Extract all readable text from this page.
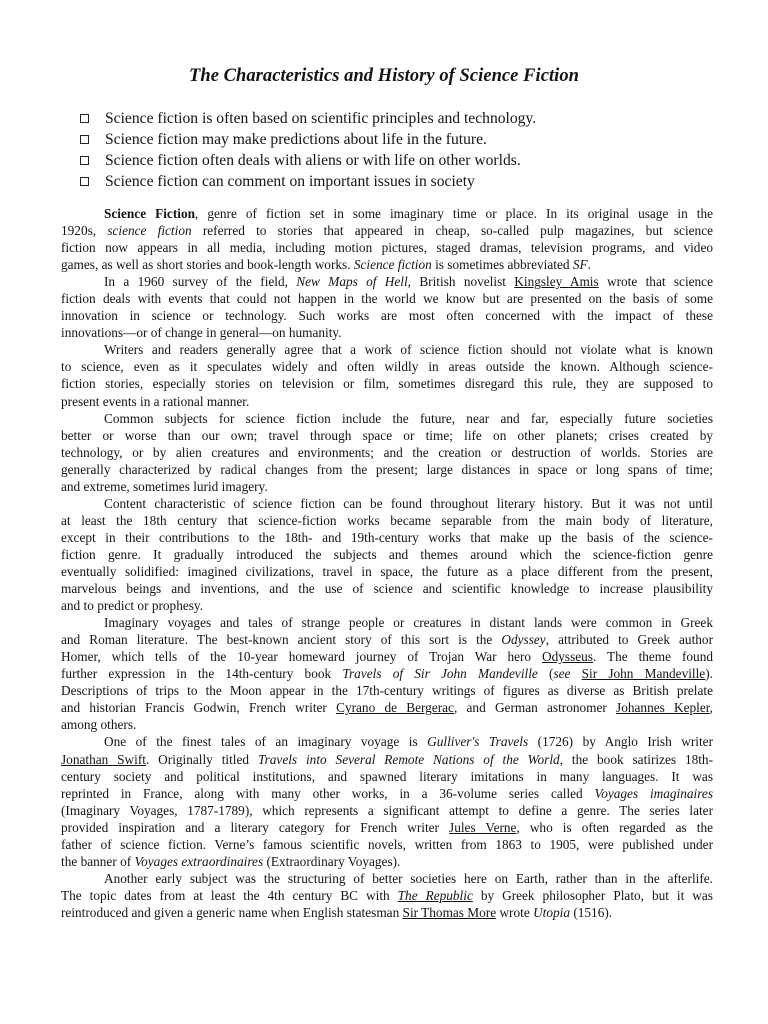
The Characteristics and History of Science Fiction
Science fiction is often based on scientific principles and technology.
Science fiction may make predictions about life in the future.
Science fiction often deals with aliens or with life on other worlds.
Science fiction can comment on important issues in society
Science Fiction, genre of fiction set in some imaginary time or place. In its original usage in the
1920s, science fiction referred to stories that appeared in cheap, so-called pulp magazines, but science
fiction now appears in all media, including motion pictures, staged dramas, television programs, and video
games, as well as short stories and book-length works. Science fiction is sometimes abbreviated SF.
In a 1960 survey of the field, New Maps of Hell, British novelist Kingsley Amis wrote that science
fiction deals with events that could not happen in the world we know but are presented on the basis of some
innovation in science or technology. Such works are most often concerned with the impact of these
innovations—or of change in general—on humanity.
Writers and readers generally agree that a work of science fiction should not violate what is known
to science, even as it speculates widely and often wildly in areas outside the known. Although science-
fiction stories, especially stories on television or film, sometimes disregard this rule, they are supposed to
present events in a rational manner.
Common subjects for science fiction include the future, near and far, especially future societies
better or worse than our own; travel through space or time; life on other planets; crises created by
technology, or by alien creatures and environments; and the creation or destruction of worlds. Stories are
generally characterized by radical changes from the present; large distances in space or long spans of time;
and extreme, sometimes lurid imagery.
Content characteristic of science fiction can be found throughout literary history. But it was not until
at least the 18th century that science-fiction works became separable from the main body of literature,
except in their contributions to the 18th- and 19th-century works that make up the basis of the science-
fiction genre. It gradually introduced the subjects and themes around which the science-fiction genre
eventually solidified: imagined civilizations, travel in space, the future as a place different from the present,
marvelous beings and inventions, and the use of science and scientific knowledge to increase plausibility
and to predict or prophesy.
Imaginary voyages and tales of strange people or creatures in distant lands were common in Greek
and Roman literature. The best-known ancient story of this sort is the Odyssey, attributed to Greek author
Homer, which tells of the 10-year homeward journey of Trojan War hero Odysseus. The theme found
further expression in the 14th-century book Travels of Sir John Mandeville (see Sir John Mandeville).
Descriptions of trips to the Moon appear in the 17th-century writings of figures as diverse as British prelate
and historian Francis Godwin, French writer Cyrano de Bergerac, and German astronomer Johannes Kepler,
among others.
One of the finest tales of an imaginary voyage is Gulliver's Travels (1726) by Anglo Irish writer
Jonathan Swift. Originally titled Travels into Several Remote Nations of the World, the book satirizes 18th-
century society and political institutions, and spawned literary imitations in many languages. It was
reprinted in France, along with many other works, in a 36-volume series called Voyages imaginaires
(Imaginary Voyages, 1787-1789), which represents a significant attempt to define a genre. The series later
provided inspiration and a literary category for French writer Jules Verne, who is often regarded as the
father of science fiction. Verne’s famous scientific novels, written from 1863 to 1905, were published under
the banner of Voyages extraordinaires (Extraordinary Voyages).
Another early subject was the structuring of better societies here on Earth, rather than in the afterlife.
The topic dates from at least the 4th century BC with The Republic by Greek philosopher Plato, but it was
reintroduced and given a generic name when English statesman Sir Thomas More wrote Utopia (1516).
